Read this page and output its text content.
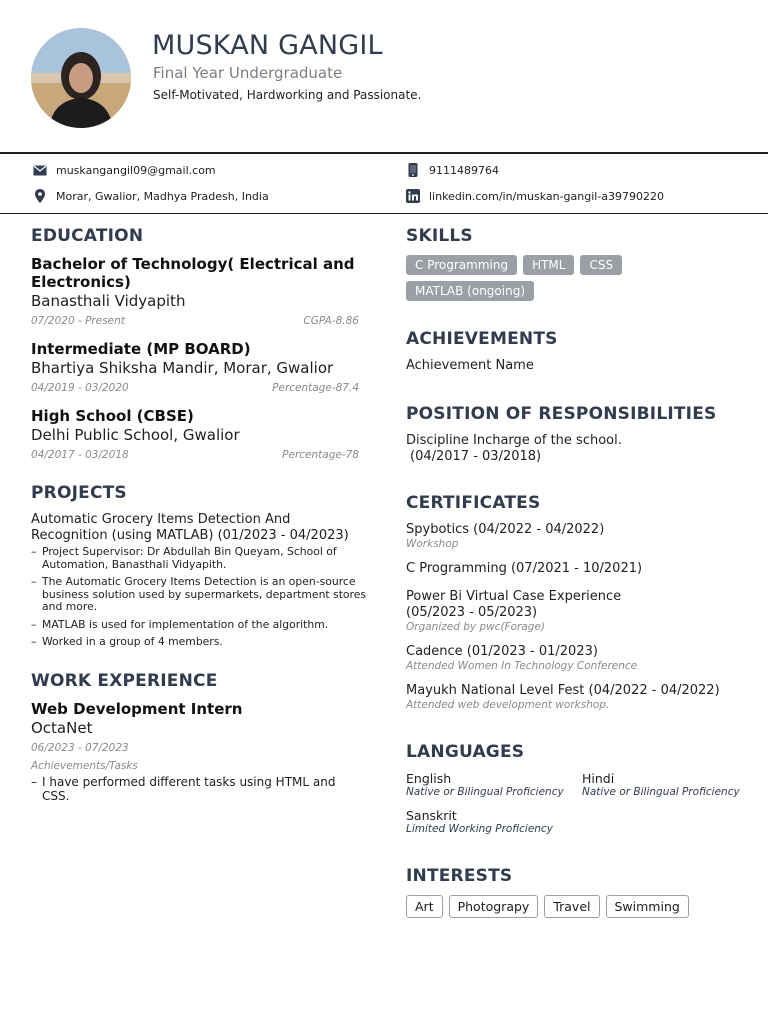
MUSKAN GANGIL
Final Year Undergraduate
Self-Motivated, Hardworking and Passionate.
muskangangil09@gmail.com	9111489764
Morar, Gwalior, Madhya Pradesh, India	linkedin.com/in/muskan-gangil-a39790220
EDUCATION
Bachelor of Technology( Electrical and Electronics)
Banasthali Vidyapith
07/2020 - Present	CGPA-8.86
Intermediate (MP BOARD)
Bhartiya Shiksha Mandir, Morar, Gwalior
04/2019 - 03/2020	Percentage-87.4
High School (CBSE)
Delhi Public School, Gwalior
04/2017 - 03/2018	Percentage-78
PROJECTS
Automatic Grocery Items Detection And Recognition (using MATLAB) (01/2023 - 04/2023)
– Project Supervisor: Dr Abdullah Bin Queyam, School of Automation, Banasthali Vidyapith.
– The Automatic Grocery Items Detection is an open-source business solution used by supermarkets, department stores and more.
– MATLAB is used for implementation of the algorithm.
– Worked in a group of 4 members.
WORK EXPERIENCE
Web Development Intern
OctaNet
06/2023 - 07/2023
Achievements/Tasks
– I have performed different tasks using HTML and CSS.
SKILLS
C Programming	HTML	CSS
MATLAB (ongoing)
ACHIEVEMENTS
Achievement Name
POSITION OF RESPONSIBILITIES
Discipline Incharge of the school.
(04/2017 - 03/2018)
CERTIFICATES
Spybotics (04/2022 - 04/2022)
Workshop
C Programming (07/2021 - 10/2021)
Power Bi Virtual Case Experience (05/2023 - 05/2023)
Organized by pwc(Forage)
Cadence (01/2023 - 01/2023)
Attended Women In Technology Conference
Mayukh National Level Fest (04/2022 - 04/2022)
Attended web development workshop.
LANGUAGES
English
Native or Bilingual Proficiency
Hindi
Native or Bilingual Proficiency
Sanskrit
Limited Working Proficiency
INTERESTS
Art	Photograpy	Travel	Swimming
